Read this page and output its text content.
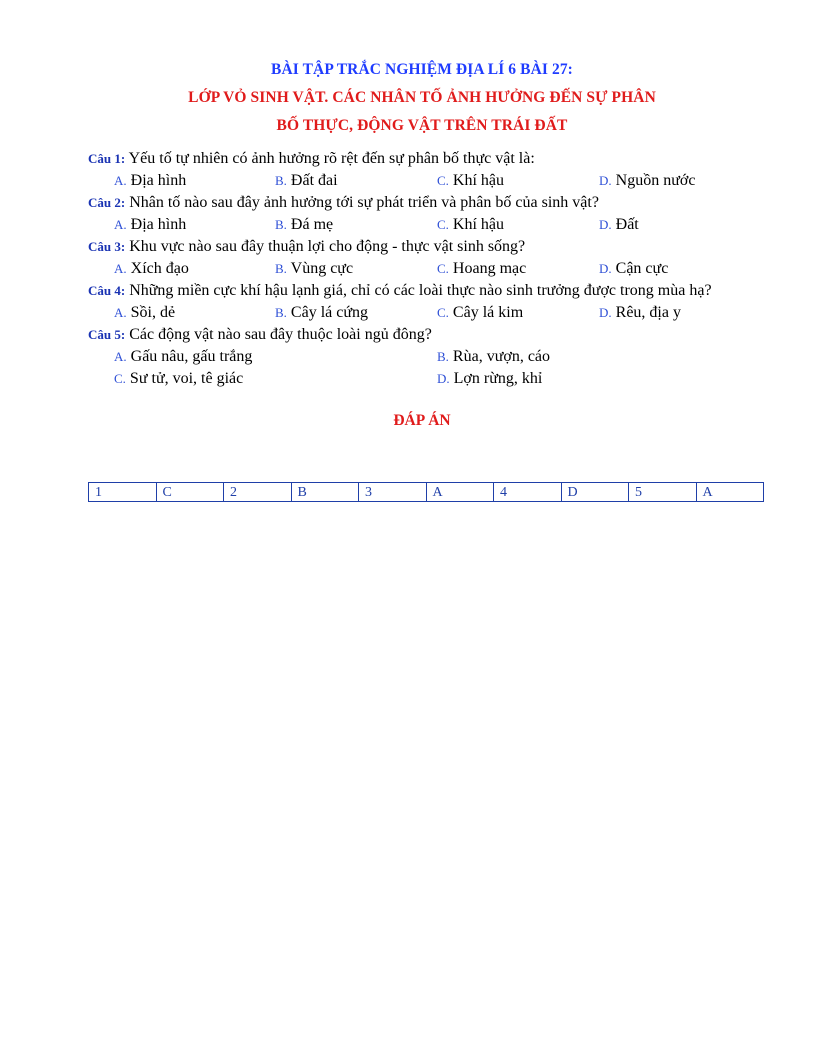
BÀI TẬP TRẮC NGHIỆM ĐỊA LÍ 6 BÀI 27:
LỚP VỎ SINH VẬT. CÁC NHÂN TỐ ẢNH HƯỞNG ĐẾN SỰ PHÂN
BỐ THỰC, ĐỘNG VẬT TRÊN TRÁI ĐẤT
Câu 1: Yếu tố tự nhiên có ảnh hưởng rõ rệt đến sự phân bố thực vật là:
A. Địa hình	B. Đất đai	C. Khí hậu	D. Nguồn nước
Câu 2: Nhân tố nào sau đây ảnh hưởng tới sự phát triển và phân bố của sinh vật?
A. Địa hình	B. Đá mẹ	C. Khí hậu	D. Đất
Câu 3: Khu vực nào sau đây thuận lợi cho động - thực vật sinh sống?
A. Xích đạo	B. Vùng cực	C. Hoang mạc	D. Cận cực
Câu 4: Những miền cực khí hậu lạnh giá, chỉ có các loài thực nào sinh trưởng được trong mùa hạ?
A. Sồi, dẻ	B. Cây lá cứng	C. Cây lá kim	D. Rêu, địa y
Câu 5: Các động vật nào sau đây thuộc loài ngủ đông?
A. Gấu nâu, gấu trắng	B. Rùa, vượn, cáo
C. Sư tử, voi, tê giác	D. Lợn rừng, khỉ
ĐÁP ÁN
1	C	2	B	3	A	4	D	5	A
